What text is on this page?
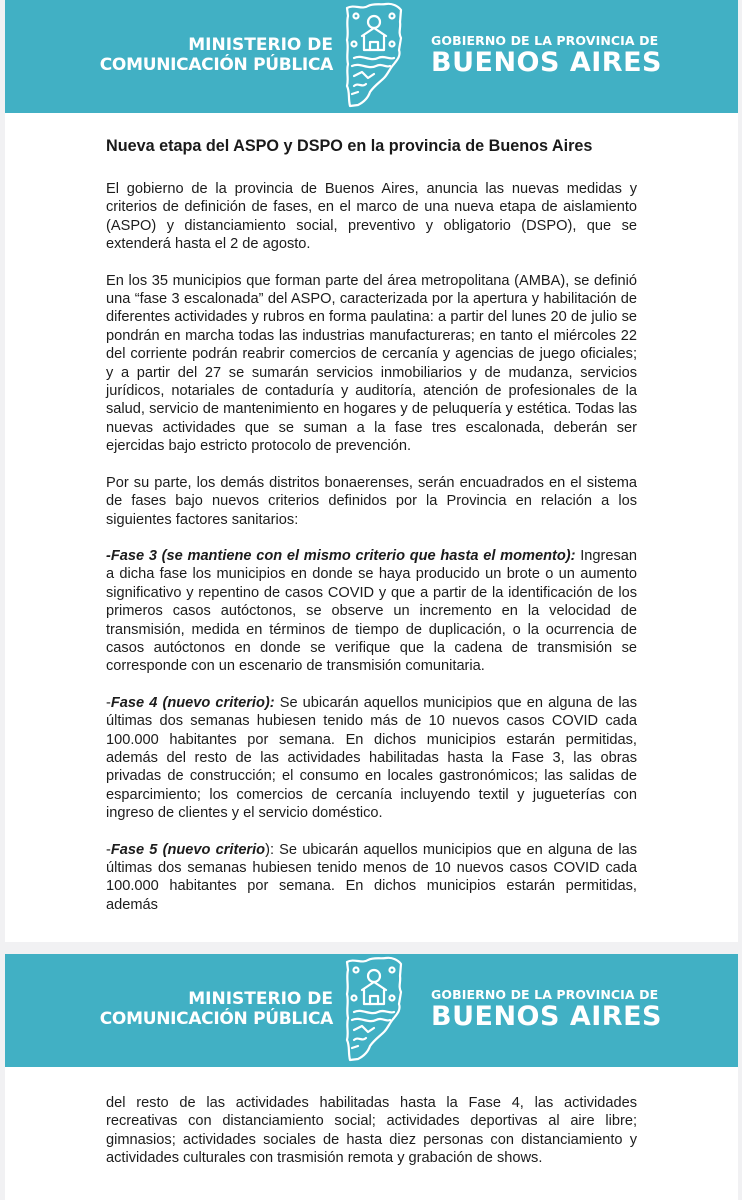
MINISTERIO DE
COMUNICACIÓN PÚBLICA
GOBIERNO DE LA PROVINCIA DE
BUENOS AIRES
Nueva etapa del ASPO y DSPO en la provincia de Buenos Aires

El gobierno de la provincia de Buenos Aires, anuncia las nuevas medidas y criterios de definición de fases, en el marco de una nueva etapa de aislamiento (ASPO) y distanciamiento social, preventivo y obligatorio (DSPO), que se extenderá hasta el 2 de agosto.

En los 35 municipios que forman parte del área metropolitana (AMBA), se definió una “fase 3 escalonada” del ASPO, caracterizada por la apertura y habilitación de diferentes actividades y rubros en forma paulatina: a partir del lunes 20 de julio se pondrán en marcha todas las industrias manufactureras; en tanto el miércoles 22 del corriente podrán reabrir comercios de cercanía y agencias de juego oficiales; y a partir del 27 se sumarán servicios inmobiliarios y de mudanza, servicios jurídicos, notariales de contaduría y auditoría, atención de profesionales de la salud, servicio de mantenimiento en hogares y de peluquería y estética. Todas las nuevas actividades que se suman a la fase tres escalonada, deberán ser ejercidas bajo estricto protocolo de prevención.

Por su parte, los demás distritos bonaerenses, serán encuadrados en el sistema de fases bajo nuevos criterios definidos por la Provincia en relación a los siguientes factores sanitarios:

-Fase 3 (se mantiene con el mismo criterio que hasta el momento): Ingresan a dicha fase los municipios en donde se haya producido un brote o un aumento significativo y repentino de casos COVID y que a partir de la identificación de los primeros casos autóctonos, se observe un incremento en la velocidad de transmisión, medida en términos de tiempo de duplicación, o la ocurrencia de casos autóctonos en donde se verifique que la cadena de transmisión se corresponde con un escenario de transmisión comunitaria.

-Fase 4 (nuevo criterio): Se ubicarán aquellos municipios que en alguna de las últimas dos semanas hubiesen tenido más de 10 nuevos casos COVID cada 100.000 habitantes por semana. En dichos municipios estarán permitidas, además del resto de las actividades habilitadas hasta la Fase 3, las obras privadas de construcción; el consumo en locales gastronómicos; las salidas de esparcimiento; los comercios de cercanía incluyendo textil y jugueterías con ingreso de clientes y el servicio doméstico.

-Fase 5 (nuevo criterio): Se ubicarán aquellos municipios que en alguna de las últimas dos semanas hubiesen tenido menos de 10 nuevos casos COVID cada 100.000 habitantes por semana. En dichos municipios estarán permitidas, además

MINISTERIO DE
COMUNICACIÓN PÚBLICA
GOBIERNO DE LA PROVINCIA DE
BUENOS AIRES

del resto de las actividades habilitadas hasta la Fase 4, las actividades recreativas con distanciamiento social; actividades deportivas al aire libre; gimnasios; actividades sociales de hasta diez personas con distanciamiento y actividades culturales con trasmisión remota y grabación de shows.
